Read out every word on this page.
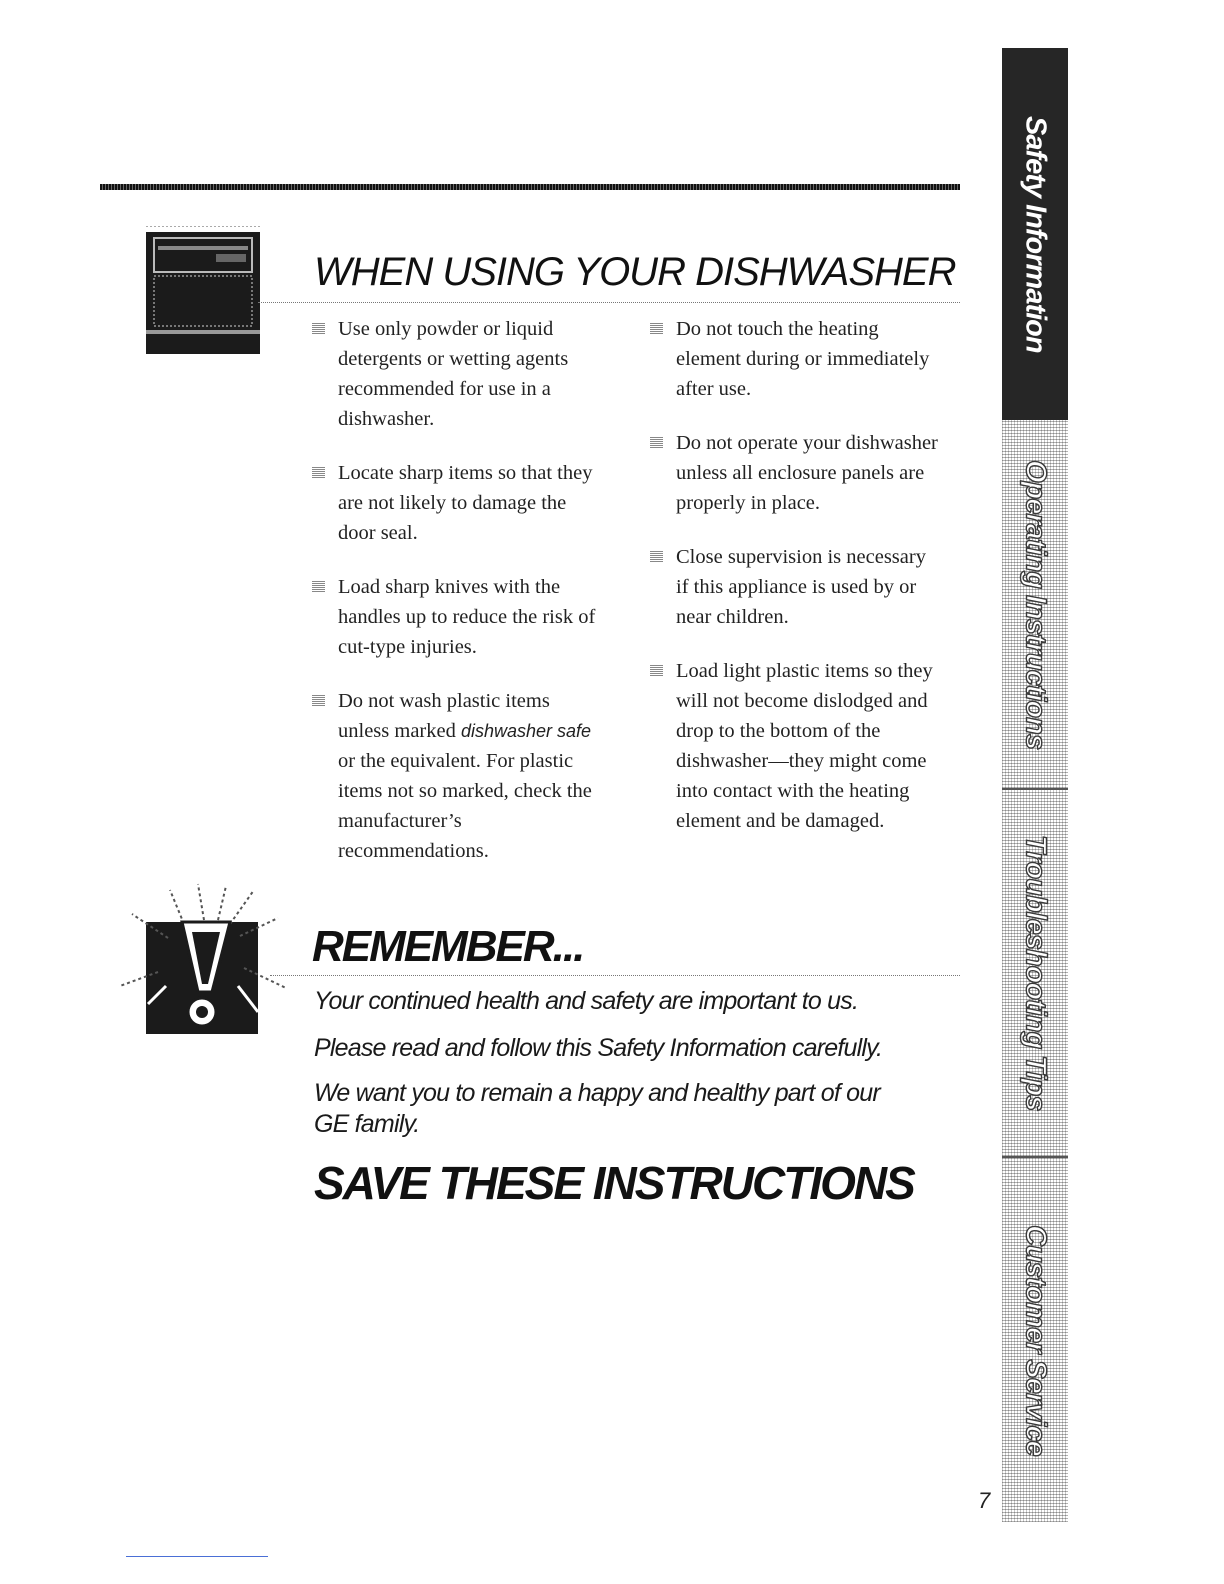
WHEN USING YOUR DISHWASHER

Use only powder or liquid detergents or wetting agents recommended for use in a dishwasher.

Locate sharp items so that they are not likely to damage the door seal.

Load sharp knives with the handles up to reduce the risk of cut-type injuries.

Do not wash plastic items unless marked dishwasher safe or the equivalent. For plastic items not so marked, check the manufacturer’s recommendations.

Do not touch the heating element during or immediately after use.

Do not operate your dishwasher unless all enclosure panels are properly in place.

Close supervision is necessary if this appliance is used by or near children.

Load light plastic items so they will not become dislodged and drop to the bottom of the dishwasher—they might come into contact with the heating element and be damaged.

REMEMBER...

Your continued health and safety are important to us.

Please read and follow this Safety Information carefully.

We want you to remain a happy and healthy part of our GE family.

SAVE THESE INSTRUCTIONS
7
Safety Information
Operating Instructions
Troubleshooting Tips
Customer Service
